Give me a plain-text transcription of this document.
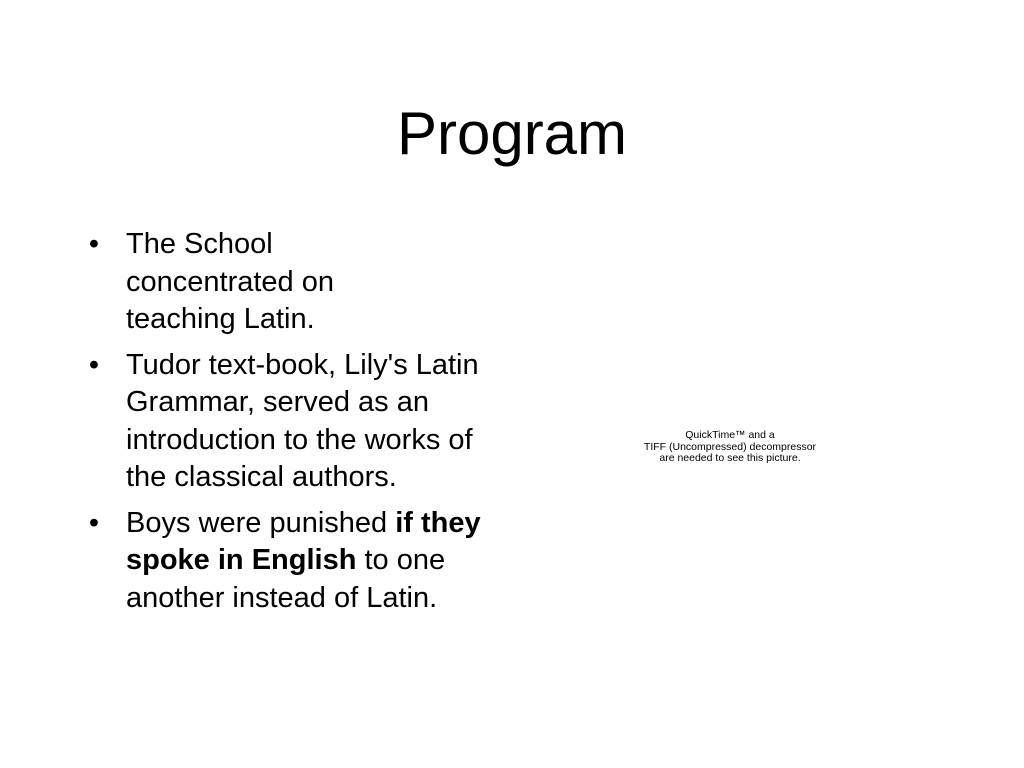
Program
• The School concentrated on teaching Latin.
• Tudor text-book, Lily's Latin Grammar, served as an introduction to the works of the classical authors.
• Boys were punished if they spoke in English to one another instead of Latin.
QuickTime™ and a
TIFF (Uncompressed) decompressor
are needed to see this picture.
